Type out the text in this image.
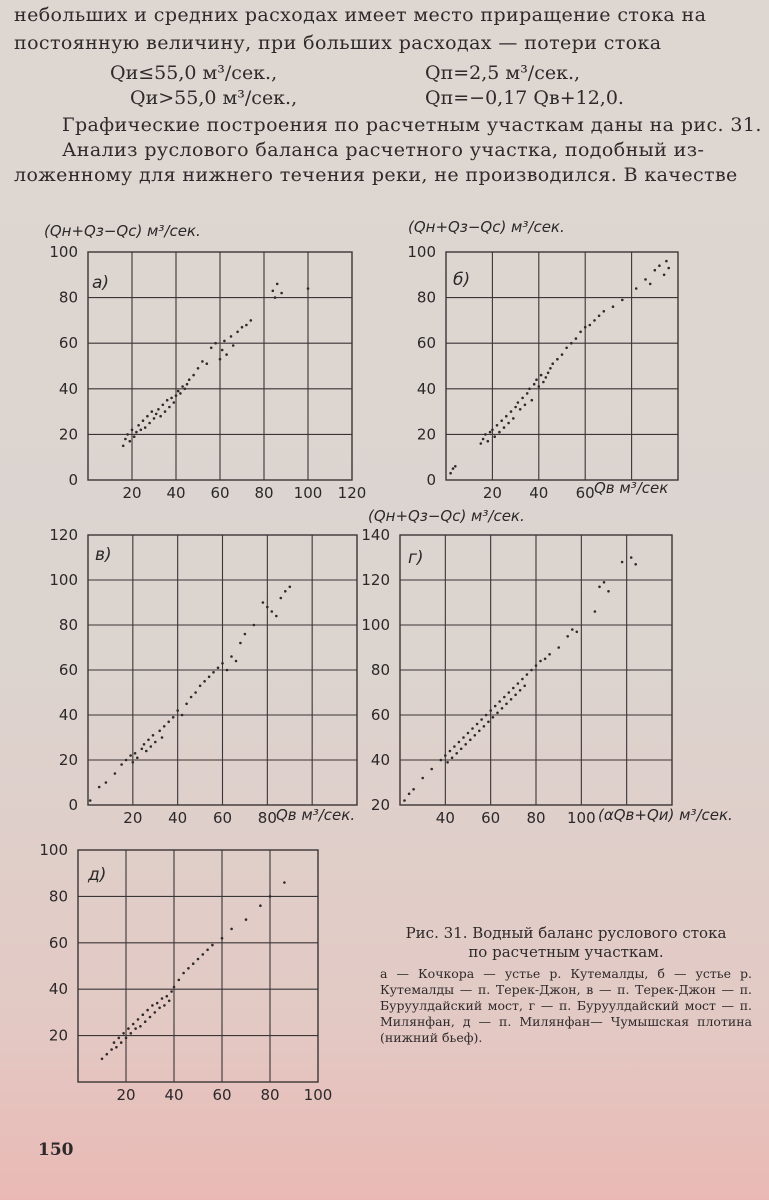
небольших и средних расходах имеет место приращение стока на
постоянную величину, при больших расходах — потери стока
Qи≤55,0 м³/сек.,	Qп=2,5 м³/сек.,
Qи>55,0 м³/сек.,	Qп=−0,17 Qв+12,0.
Графические построения по расчетным участкам даны на рис. 31.
Анализ руслового баланса расчетного участка, подобный из-
ложенному для нижнего течения реки, не производился. В качестве
(Qн+Qз−Qс) м³/сек.	(Qн+Qз−Qс) м³/сек.
Qв м³/сек
(Qн+Qз−Qс) м³/сек.
Qв м³/сек.	(αQв+Qи) м³/сек.
20 40 60 80 100 120
0
20
40
60
80
100
а)
20 40 60
0
20
40
60
80
100
б)
20 40 60 80
0
20
40
60
80
100
120
в)
40 60 80 100
20
40
60
80
100
120
140
г)
20 40 60 80 100
20
40
60
80
100
д)
Рис. 31. Водный баланс руслового стока
по расчетным участкам.
а — Кочкора — устье р. Кутемалды, б — устье р. Кутемалды — п. Терек-Джон, в — п. Терек-Джон — п. Буруулдайский мост, г — п. Буруулдайский мост — п. Милянфан, д — п. Милянфан— Чумышская плотина (нижний бьеф).
150
